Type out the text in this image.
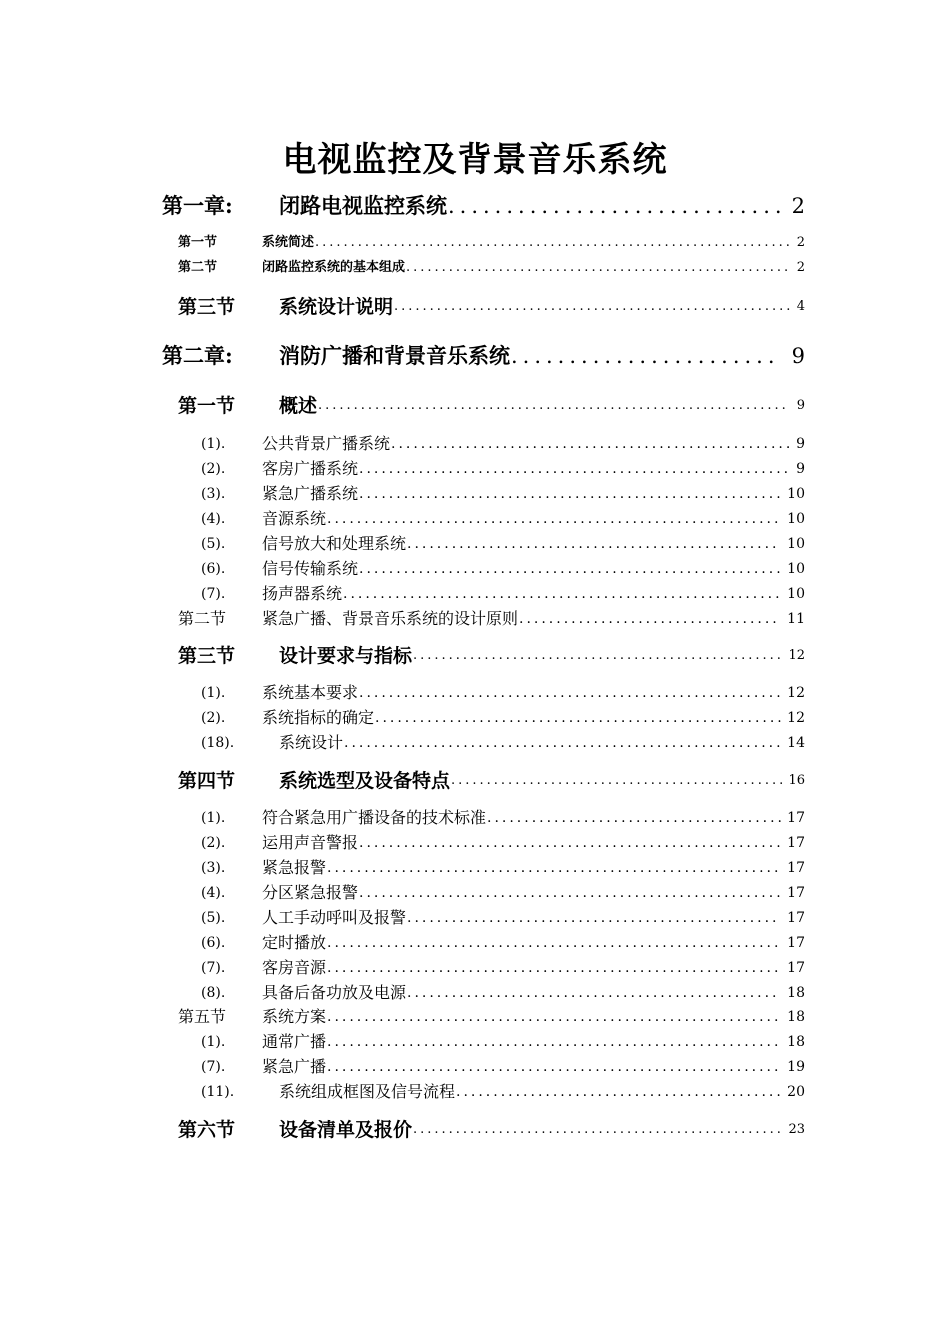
电视监控及背景音乐系统
第一章: 闭路电视监控系统 ............................. 2
第一节	系统简述 ................................................................... 2
第二节	闭路监控系统的基本组成 ...................................................... 2
第三节 系统设计说明 ........................................................ 4
第二章: 消防广播和背景音乐系统 ....................... 9
第一节 概述 .................................................................. 9
(1). 公共背景广播系统 ...................................................... 9
(2). 客房广播系统 .......................................................... 9
(3). 紧急广播系统 ......................................................... 10
(4). 音源系统 ............................................................. 10
(5). 信号放大和处理系统 .................................................. 10
(6). 信号传输系统 ......................................................... 10
(7). 扬声器系统 ........................................................... 10
第二节 紧急广播、背景音乐系统的设计原则 ................................... 11
第三节 设计要求与指标 .................................................... 12
(1). 系统基本要求 ......................................................... 12
(2). 系统指标的确定 ....................................................... 12
(18).	系统设计 ........................................................... 14
第四节 系统选型及设备特点 ............................................... 16
(1). 符合紧急用广播设备的技术标准 ........................................ 17
(2). 运用声音警报 ......................................................... 17
(3). 紧急报警 ............................................................. 17
(4). 分区紧急报警 ......................................................... 17
(5). 人工手动呼叫及报警 .................................................. 17
(6). 定时播放 ............................................................. 17
(7). 客房音源 ............................................................. 17
(8). 具备后备功放及电源 .................................................. 18
第五节 系统方案 ............................................................. 18
(1). 通常广播 ............................................................. 18
(7). 紧急广播 ............................................................. 19
(11).	系统组成框图及信号流程 ............................................ 20
第六节 设备清单及报价 .................................................... 23
